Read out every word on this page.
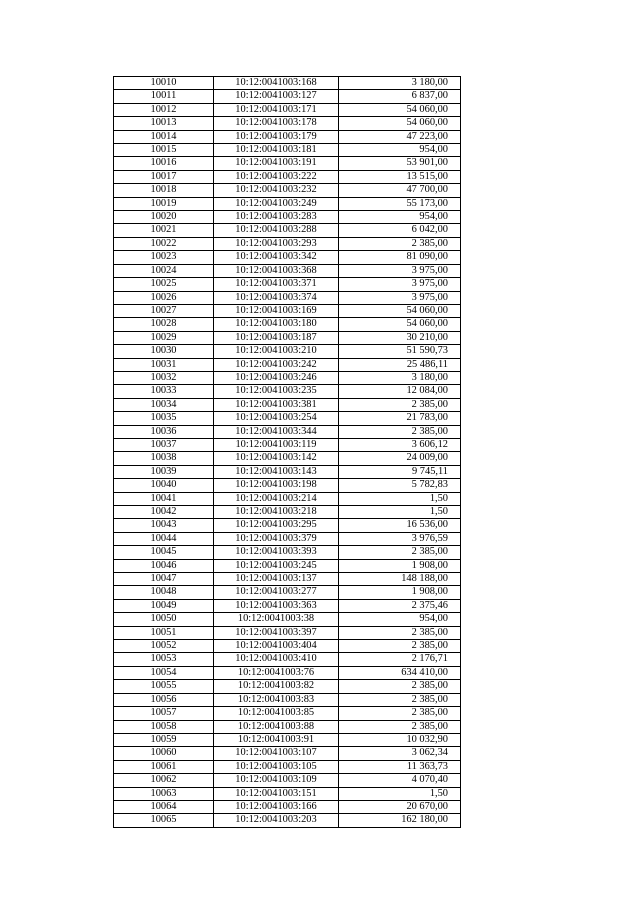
10010	10:12:0041003:168	3 180,00
10011	10:12:0041003:127	6 837,00
10012	10:12:0041003:171	54 060,00
10013	10:12:0041003:178	54 060,00
10014	10:12:0041003:179	47 223,00
10015	10:12:0041003:181	954,00
10016	10:12:0041003:191	53 901,00
10017	10:12:0041003:222	13 515,00
10018	10:12:0041003:232	47 700,00
10019	10:12:0041003:249	55 173,00
10020	10:12:0041003:283	954,00
10021	10:12:0041003:288	6 042,00
10022	10:12:0041003:293	2 385,00
10023	10:12:0041003:342	81 090,00
10024	10:12:0041003:368	3 975,00
10025	10:12:0041003:371	3 975,00
10026	10:12:0041003:374	3 975,00
10027	10:12:0041003:169	54 060,00
10028	10:12:0041003:180	54 060,00
10029	10:12:0041003:187	30 210,00
10030	10:12:0041003:210	51 590,73
10031	10:12:0041003:242	25 486,11
10032	10:12:0041003:246	3 180,00
10033	10:12:0041003:235	12 084,00
10034	10:12:0041003:381	2 385,00
10035	10:12:0041003:254	21 783,00
10036	10:12:0041003:344	2 385,00
10037	10:12:0041003:119	3 606,12
10038	10:12:0041003:142	24 009,00
10039	10:12:0041003:143	9 745,11
10040	10:12:0041003:198	5 782,83
10041	10:12:0041003:214	1,50
10042	10:12:0041003:218	1,50
10043	10:12:0041003:295	16 536,00
10044	10:12:0041003:379	3 976,59
10045	10:12:0041003:393	2 385,00
10046	10:12:0041003:245	1 908,00
10047	10:12:0041003:137	148 188,00
10048	10:12:0041003:277	1 908,00
10049	10:12:0041003:363	2 375,46
10050	10:12:0041003:38	954,00
10051	10:12:0041003:397	2 385,00
10052	10:12:0041003:404	2 385,00
10053	10:12:0041003:410	2 176,71
10054	10:12:0041003:76	634 410,00
10055	10:12:0041003:82	2 385,00
10056	10:12:0041003:83	2 385,00
10057	10:12:0041003:85	2 385,00
10058	10:12:0041003:88	2 385,00
10059	10:12:0041003:91	10 032,90
10060	10:12:0041003:107	3 062,34
10061	10:12:0041003:105	11 363,73
10062	10:12:0041003:109	4 070,40
10063	10:12:0041003:151	1,50
10064	10:12:0041003:166	20 670,00
10065	10:12:0041003:203	162 180,00
